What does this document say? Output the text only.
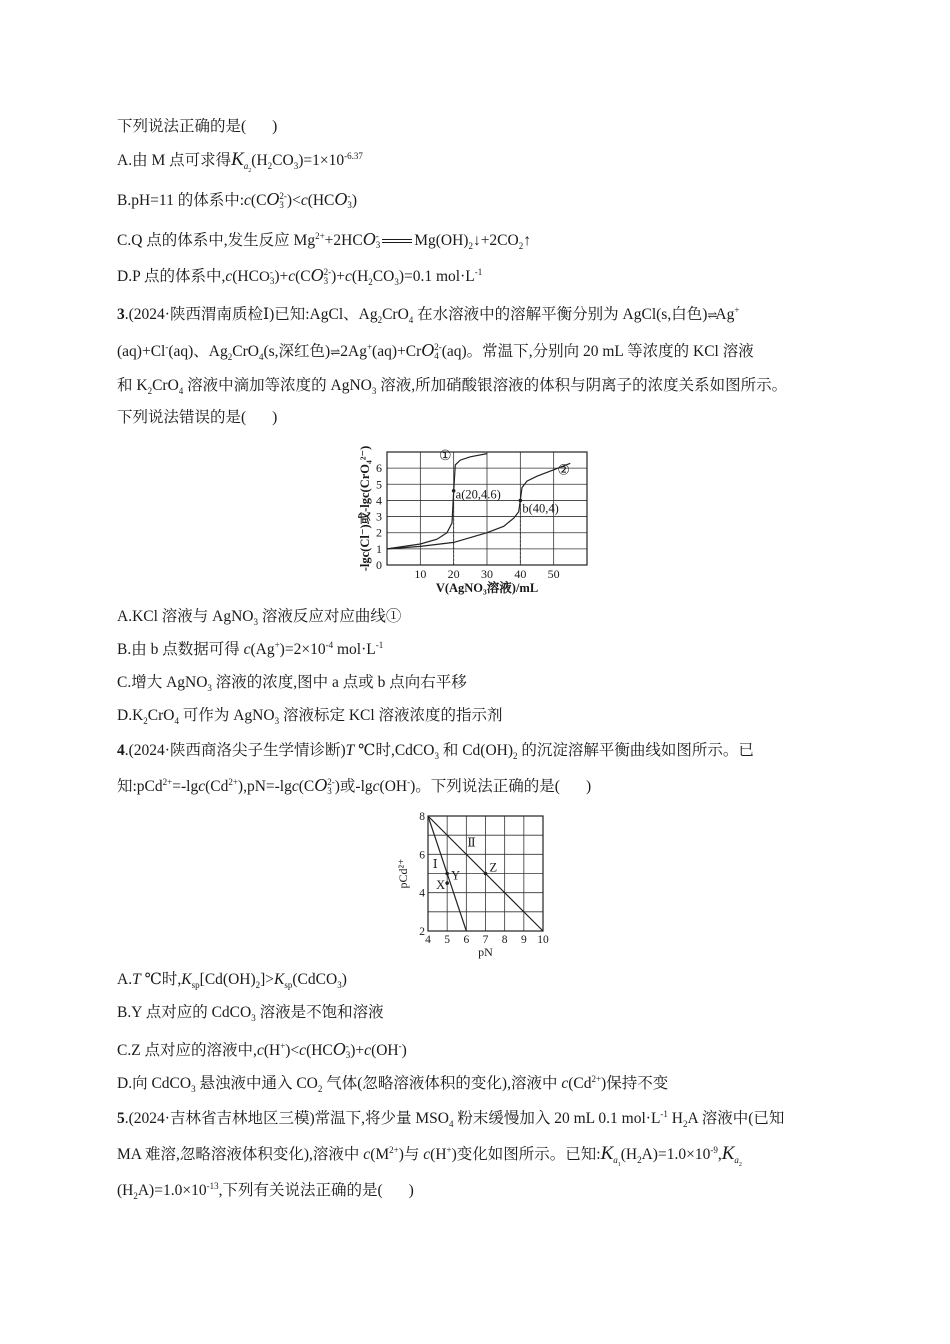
下列说法正确的是( )
A.由 M 点可求得$K_{a_2}(H_2CO_3)=1\times 10^{-6.37}$
B.pH=11 的体系中:c(CO 2-
3 )<c(HCO -
3 )
C.Q 点的体系中,发生反应 $Mg^{2+}+2HCO$ -
3 $Mg(OH)_2↓+2CO_2↑$
D.P 点的体系中,c(HCO -
3 )+c(CO 2-
3 )$+c(H_2CO_3)=0.1$ $mol\cdot L^{-1}$
3.(2024·陕西渭南质检Ⅰ)已知:AgCl、$Ag_2CrO_4$ 在水溶液中的溶解平衡分别为 AgCl(s,白色)⇌Ag+
(aq)+Cl-(aq)、$Ag_2CrO_4(s$,深红色)⇌2Ag+(aq)+CrO 2-
4 (aq)。常温下,分别向 20 mL 等浓度的 KCl 溶液
和 $K_2CrO_4$ 溶液中滴加等浓度的 AgNO$_3$ 溶液,所加硝酸银溶液的体积与阴离子的浓度关系如图所示。
下列说法错误的是( )
10 20 30 40 50
0
1
2
3
4
5
6
V(AgNO₃溶液)/mL
-lgc(Cl⁻)或-lgc(CrO₄²⁻)	①
②
a(20,4.6)
b(40,4)
A.KCl 溶液与 AgNO$_3$ 溶液反应对应曲线①
B.由 b 点数据可得 $c(Ag^+)=2\times 10^{-4}$ $mol\cdot L^{-1}$
C.增大 AgNO$_3$ 溶液的浓度,图中 a 点或 b 点向右平移
$D.K_2CrO_4$ 可作为 AgNO$_3$ 溶液标定 KCl 溶液浓度的指示剂
4.(2024·陕西商洛尖子生学情诊断)T ℃时,CdCO$_3$ 和 $Cd(OH)_2$ 的沉淀溶解平衡曲线如图所示。已
知$:pCd^{2+}=-\lg c(Cd^{2+}),pN=-\lg c(CO$ 2-
3 )或-lgc(OH-)。下列说法正确的是( )
4 5 6 7 8 9 10
2
4
6
8
pN
pCd²⁺ Ⅰ
Ⅱ
X
Y
Z
A.T ℃时$,K_{sp}[Cd(OH)_2]>K_{sp}(CdCO_3)$
B.Y 点对应的 CdCO$_3$ 溶液是不饱和溶液
C.Z 点对应的溶液中,c(H+)<c(HCO -
3 )+c(OH-)
D.向 CdCO$_3$ 悬浊液中通入 $CO_2$ 气体(忽略溶液体积的变化),溶液中 $c(Cd^{2+})$保持不变
5.(2024·吉林省吉林地区三模)常温下,将少量 $MSO_4$ 粉末缓慢加入 20 mL 0.1 $mol\cdot L^{-1}$ $H_2A$ 溶液中(已知
MA 难溶,忽略溶液体积变化),溶液中 $c(M^{2+})$与 c(H+)变化如图所示。已知$:K_{a_1}(H_2A)=1.0\times 10^{-9},K_{a_2}$
$(H_2A)=1.0\times 10^{-13}$,下列有关说法正确的是( )
